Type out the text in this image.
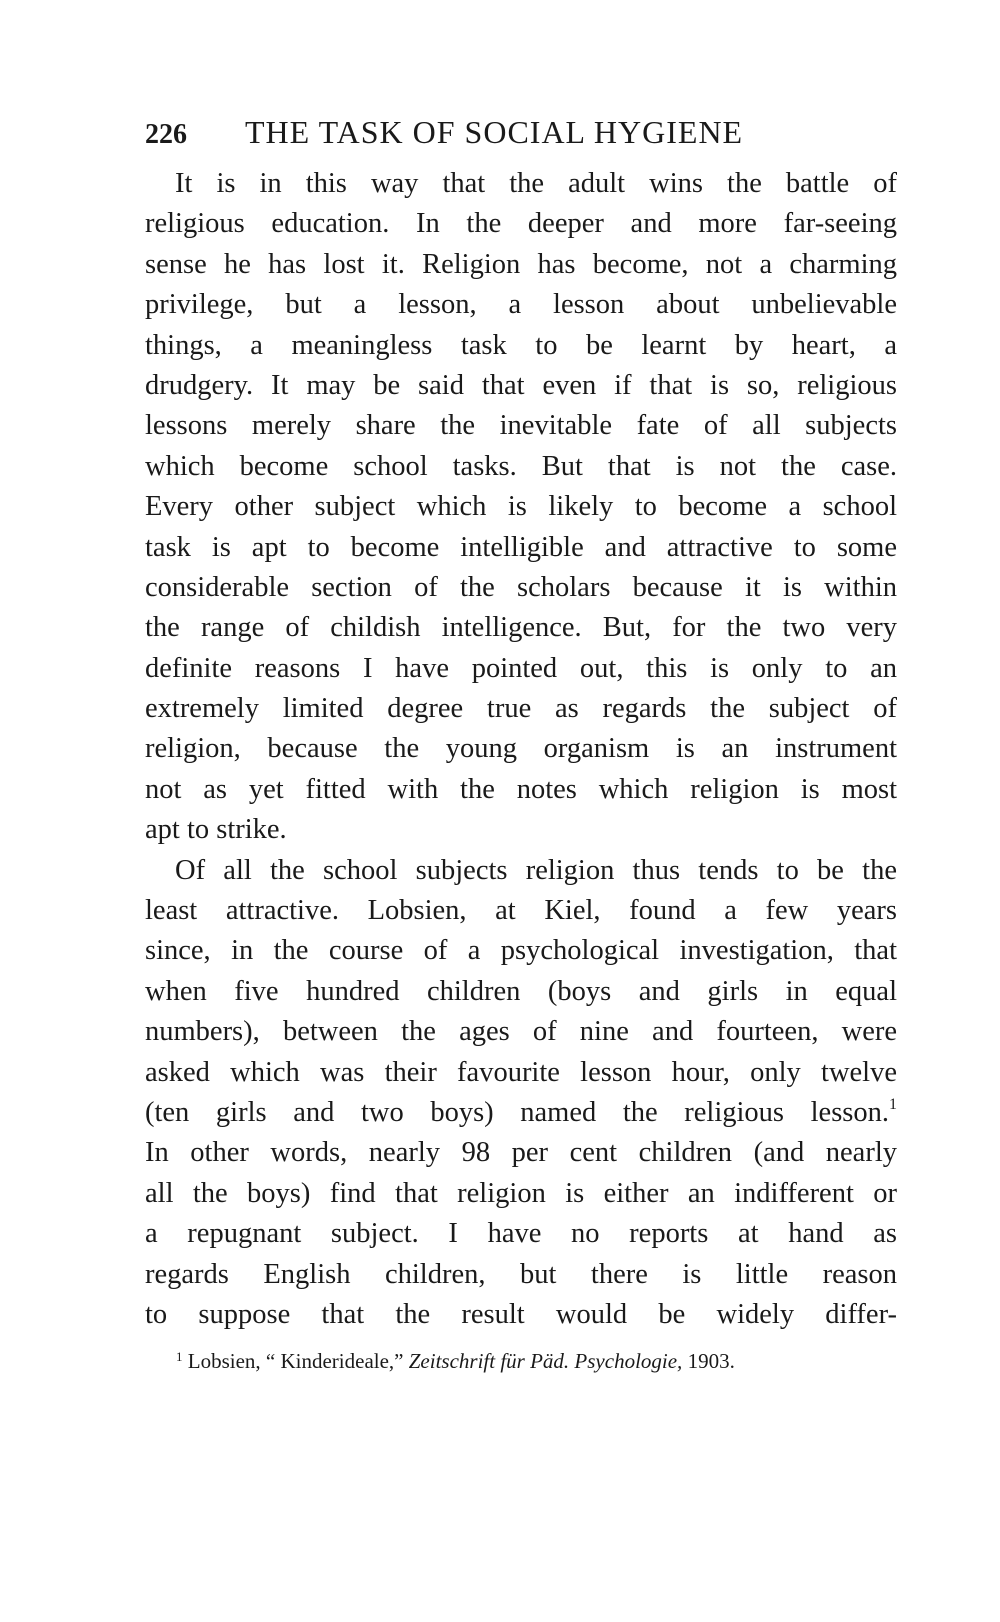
226 THE TASK OF SOCIAL HYGIENE
It is in this way that the adult wins the battle of
religious education. In the deeper and more far-seeing
sense he has lost it. Religion has become, not a charming
privilege, but a lesson, a lesson about unbelievable
things, a meaningless task to be learnt by heart, a
drudgery. It may be said that even if that is so, religious
lessons merely share the inevitable fate of all subjects
which become school tasks. But that is not the case.
Every other subject which is likely to become a school
task is apt to become intelligible and attractive to some
considerable section of the scholars because it is within
the range of childish intelligence. But, for the two very
definite reasons I have pointed out, this is only to an
extremely limited degree true as regards the subject of
religion, because the young organism is an instrument
not as yet fitted with the notes which religion is most
apt to strike.
Of all the school subjects religion thus tends to be the
least attractive. Lobsien, at Kiel, found a few years
since, in the course of a psychological investigation, that
when five hundred children (boys and girls in equal
numbers), between the ages of nine and fourteen, were
asked which was their favourite lesson hour, only twelve
(ten girls and two boys) named the religious lesson.$^1$
In other words, nearly 98 per cent children (and nearly
all the boys) find that religion is either an indifferent or
a repugnant subject. I have no reports at hand as
regards English children, but there is little reason
to suppose that the result would be widely differ-
$^1$ Lobsien, “ Kinderideale,” Zeitschrift für Päd. Psychologie, 1903.
